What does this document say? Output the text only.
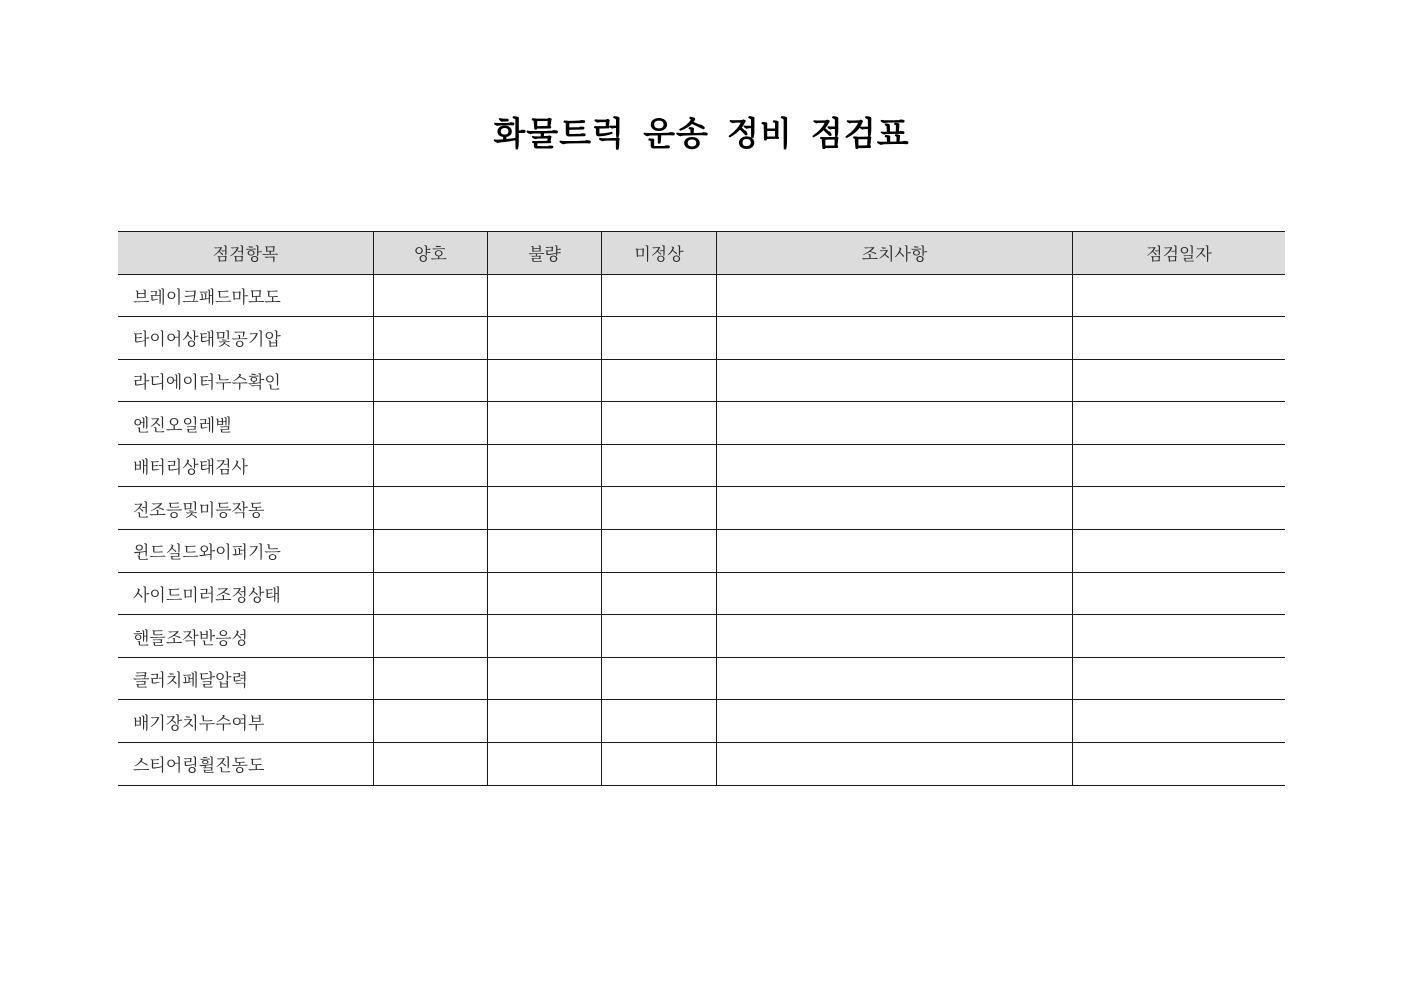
화물트럭 운송 정비 점검표
점검항목	양호	불량	미정상	조치사항	점검일자
브레이크패드마모도
타이어상태및공기압
라디에이터누수확인
엔진오일레벨
배터리상태검사
전조등및미등작동
윈드실드와이퍼기능
사이드미러조정상태
핸들조작반응성
클러치페달압력
배기장치누수여부
스티어링휠진동도
